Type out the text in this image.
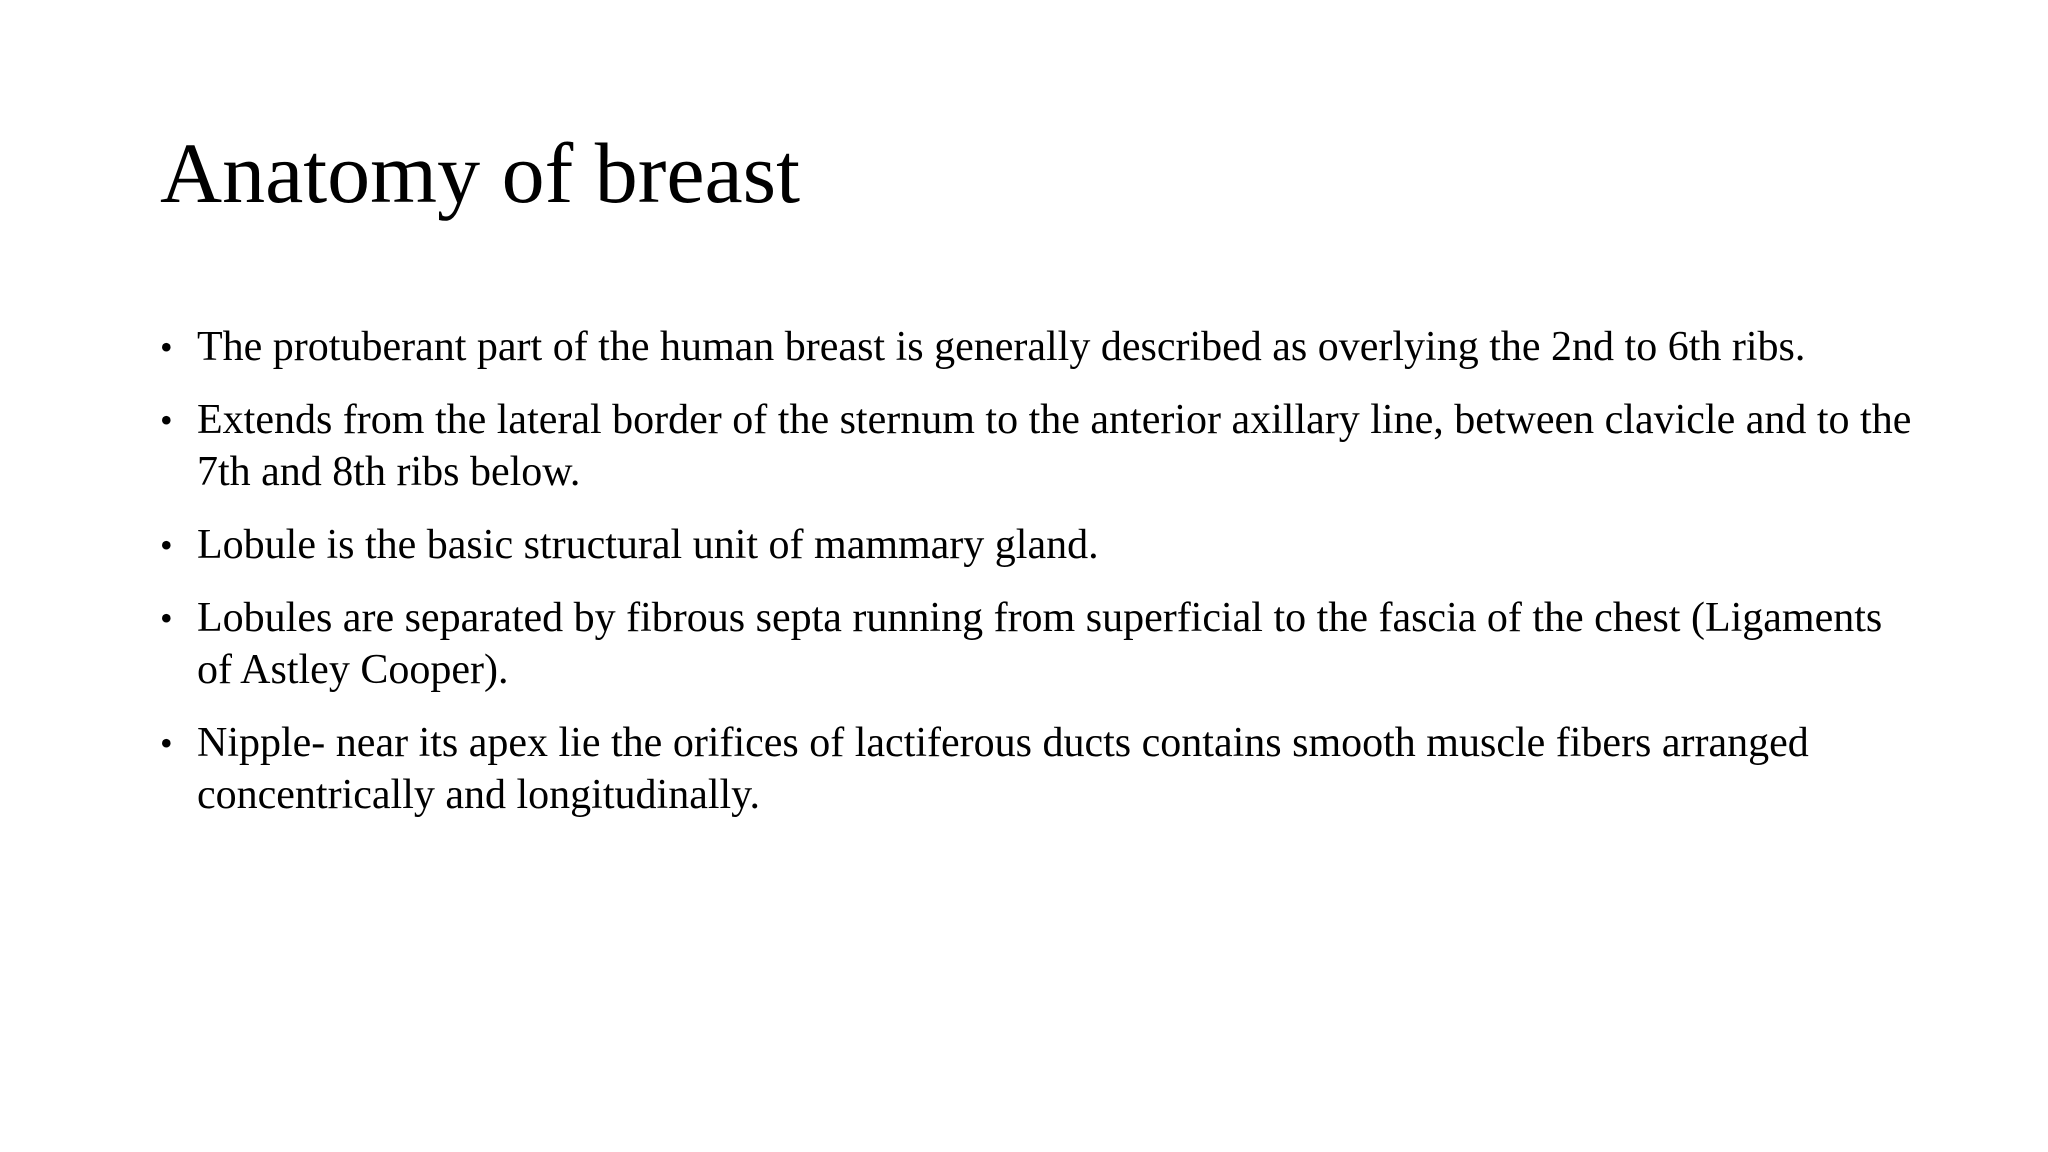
Anatomy of breast
• The protuberant part of the human breast is generally described as overlying the 2nd to 6th ribs.
• Extends from the lateral border of the sternum to the anterior axillary line, between clavicle and to the 7th and 8th ribs below.
• Lobule is the basic structural unit of mammary gland.
• Lobules are separated by fibrous septa running from superficial to the fascia of the chest (Ligaments of Astley Cooper).
• Nipple- near its apex lie the orifices of lactiferous ducts contains smooth muscle fibers arranged concentrically and longitudinally.
